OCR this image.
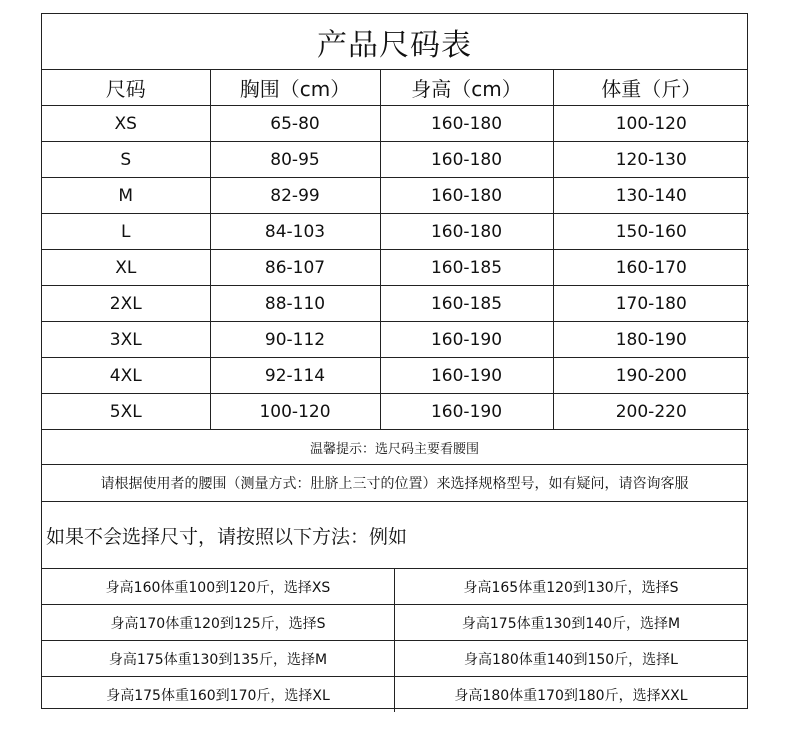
产品尺码表
尺码	胸围（cm）	身高（cm）	体重（斤）
XS	65-80	160-180	100-120
S	80-95	160-180	120-130
M	82-99	160-180	130-140
L	84-103	160-180	150-160
XL	86-107	160-185	160-170
2XL	88-110	160-185	170-180
3XL	90-112	160-190	180-190
4XL	92-114	160-190	190-200
5XL	100-120	160-190	200-220
温馨提示：选尺码主要看腰围
请根据使用者的腰围（测量方式：肚脐上三寸的位置）来选择规格型号，如有疑问，请咨询客服
如果不会选择尺寸，请按照以下方法：例如
身高160体重100到120斤，选择XS	身高165体重120到130斤，选择S
身高170体重120到125斤，选择S	身高175体重130到140斤，选择M
身高175体重130到135斤，选择M	身高180体重140到150斤，选择L
身高175体重160到170斤，选择XL	身高180体重170到180斤，选择XXL
